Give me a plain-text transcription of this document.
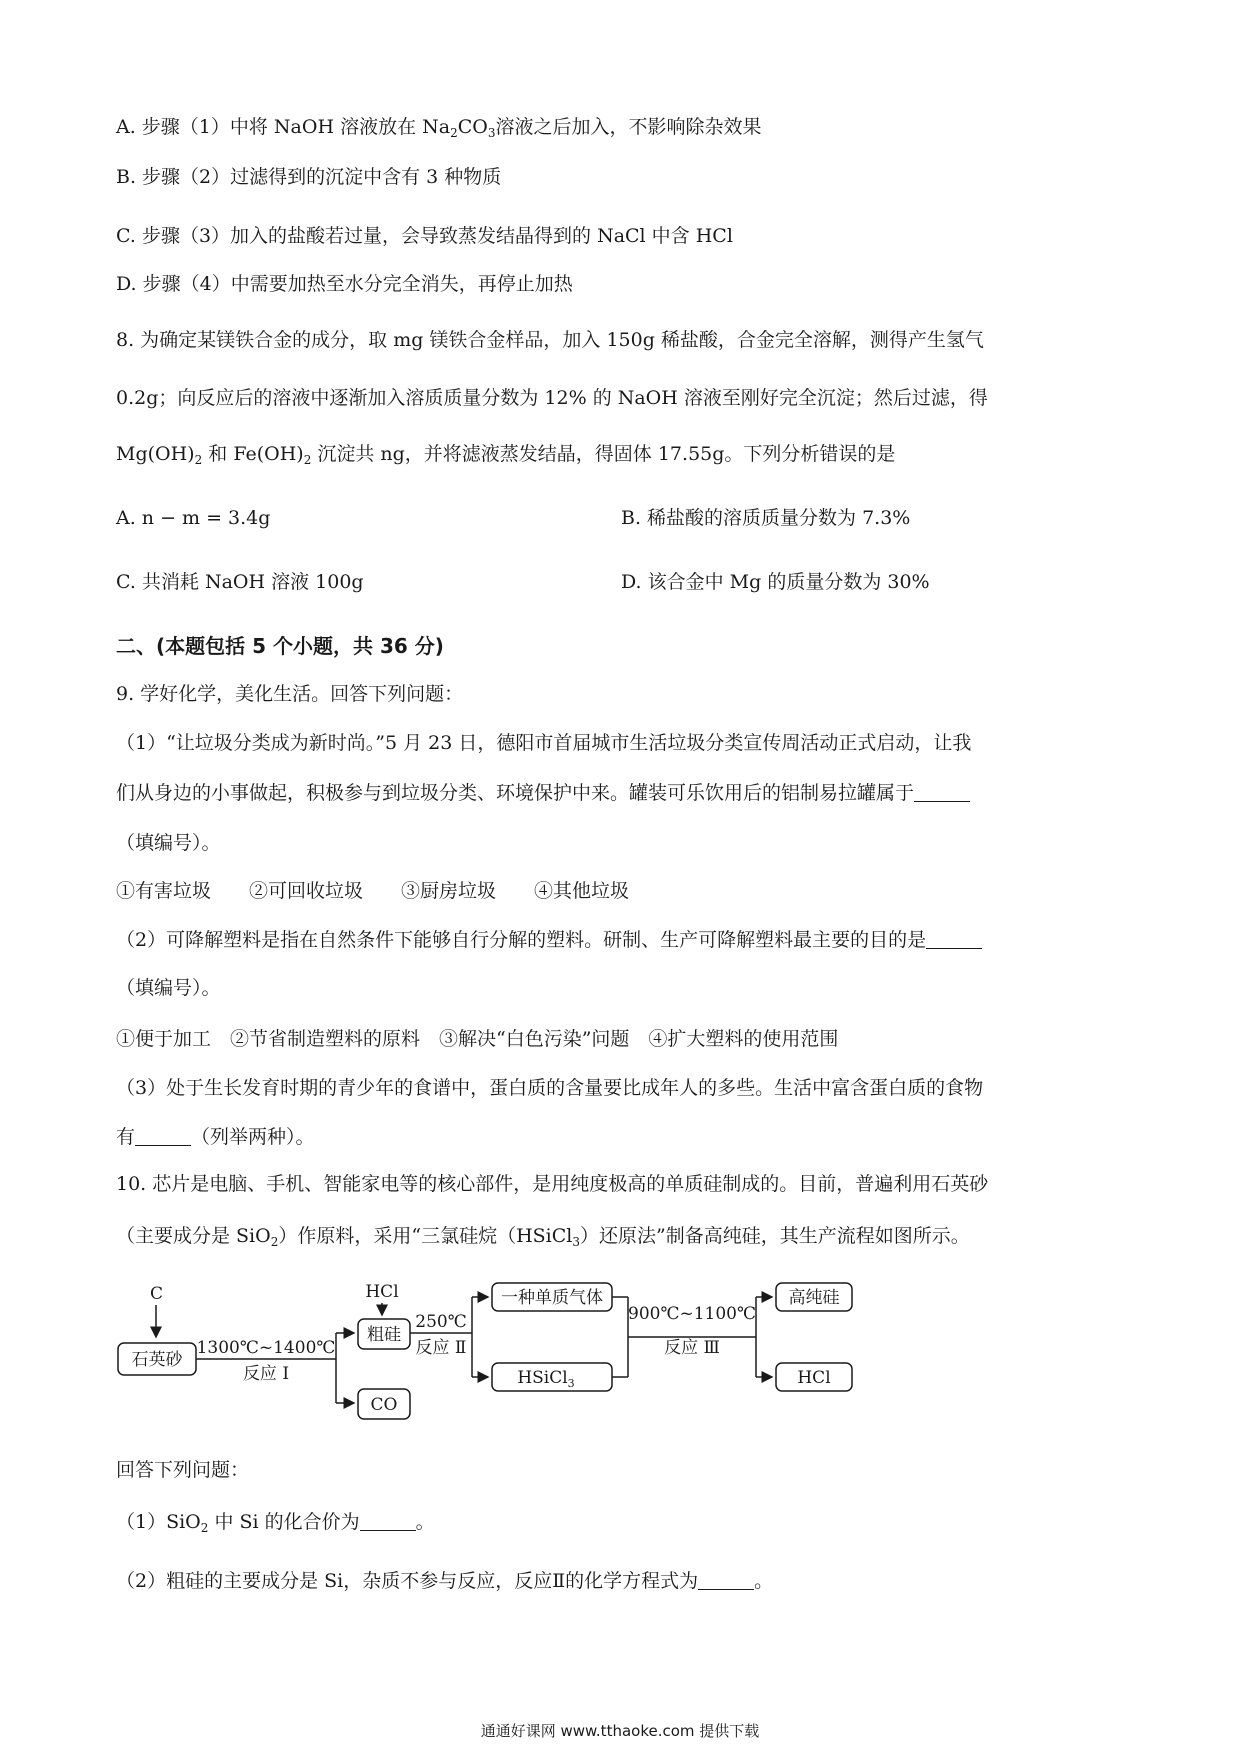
A. 步骤（1）中将 NaOH 溶液放在 $Na_2CO_3$溶液之后加入，不影响除杂效果
B. 步骤（2）过滤得到的沉淀中含有 3 种物质
C. 步骤（3）加入的盐酸若过量，会导致蒸发结晶得到的 NaCl 中含 HCl
D. 步骤（4）中需要加热至水分完全消失，再停止加热
8. 为确定某镁铁合金的成分，取 mg 镁铁合金样品，加入 150g 稀盐酸，合金完全溶解，测得产生氢气
0.2g；向反应后的溶液中逐渐加入溶质质量分数为 12% 的 NaOH 溶液至刚好完全沉淀；然后过滤，得
$Mg(OH)_2$ 和 $Fe(OH)_2$ 沉淀共 ng，并将滤液蒸发结晶，得固体 17.55g。下列分析错误的是
A. n − m = 3.4g	B. 稀盐酸的溶质质量分数为 7.3%
C. 共消耗 NaOH 溶液 100g	D. 该合金中 Mg 的质量分数为 30%
二、(本题包括 5 个小题，共 36 分)
9. 学好化学，美化生活。回答下列问题：
（1）“让垃圾分类成为新时尚。”5 月 23 日，德阳市首届城市生活垃圾分类宣传周活动正式启动，让我
们从身边的小事做起，积极参与到垃圾分类、环境保护中来。罐装可乐饮用后的铝制易拉罐属于
（填编号）。
①有害垃圾　　②可回收垃圾　　③厨房垃圾　　④其他垃圾
（2）可降解塑料是指在自然条件下能够自行分解的塑料。研制、生产可降解塑料最主要的目的是
（填编号）。
①便于加工　②节省制造塑料的原料　③解决“白色污染”问题　④扩大塑料的使用范围
（3）处于生长发育时期的青少年的食谱中，蛋白质的含量要比成年人的多些。生活中富含蛋白质的食物
有	（列举两种）。
10. 芯片是电脑、手机、智能家电等的核心部件，是用纯度极高的单质硅制成的。目前，普遍利用石英砂
（主要成分是 SiO$_2$）作原料，采用“三氯硅烷（HSiCl$_3$）还原法”制备高纯硅，其生产流程如图所示。
C
石英砂
1300℃~1400℃
反应 Ⅰ
HCl
粗硅
CO
250℃
反应 Ⅱ
一种单质气体
HSiCl$_3$
900℃~1100℃
反应 Ⅲ
高纯硅
HCl
回答下列问题：
（1）SiO$_2$ 中 Si 的化合价为	。
（2）粗硅的主要成分是 Si，杂质不参与反应，反应Ⅱ的化学方程式为	。
通通好课网 www.tthaoke.com 提供下载
